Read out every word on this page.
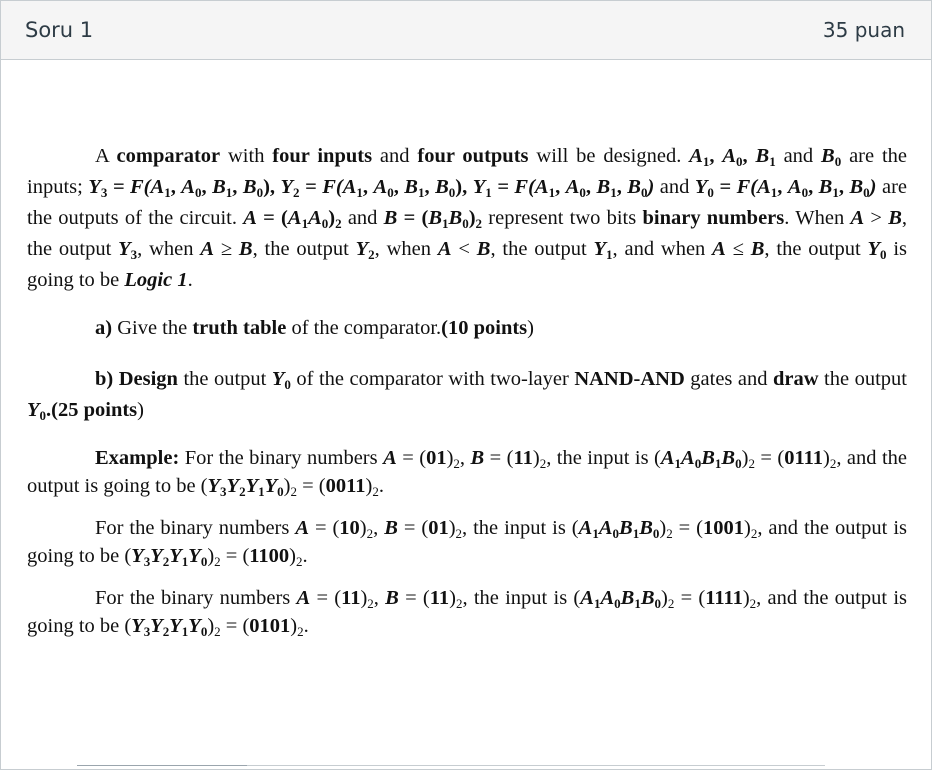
Soru 1	35 puan

A comparator with four inputs and four outputs will be designed. $A_1$, $A_0$, $B_1$ and $B_0$ are the inputs; $Y_3 = F(A_1$, $A_0$, $B_1$, $B_0$), $Y_2 = F(A_1$, $A_0$, $B_1$, $B_0$), $Y_1 = F(A_1$, $A_0$, $B_1$, $B_0$) and $Y_0 = F(A_1$, $A_0$, $B_1$, $B_0$) are the outputs of the circuit. $A = (A_1A_0)_2$ and $B = (B_1B_0)_2$ represent two bits binary numbers. When A > B, the output $Y_3$, when A ≥ B, the output $Y_2$, when A < B, the output $Y_1$, and when A ≤ B, the output $Y_0$ is going to be Logic 1.

a) Give the truth table of the comparator.(10 points)

b) Design the output $Y_0$ of the comparator with two-layer NAND-AND gates and draw the output $Y_0.(25$ points)

Example: For the binary numbers $A = (01)_2$, $B = (11)_2$, the input is $(A_1A_0B_1B_0)_2 = (0111)_2$, and the output is going to be $(Y_3Y_2Y_1Y_0)_2 = (0011)_2$.

For the binary numbers $A = (10)_2$, $B = (01)_2$, the input is $(A_1A_0B_1B_0)_2 = (1001)_2$, and the output is going to be $(Y_3Y_2Y_1Y_0)_2 = (1100)_2$.

For the binary numbers $A = (11)_2$, $B = (11)_2$, the input is $(A_1A_0B_1B_0)_2 = (1111)_2$, and the output is going to be $(Y_3Y_2Y_1Y_0)_2 = (0101)_2$.
